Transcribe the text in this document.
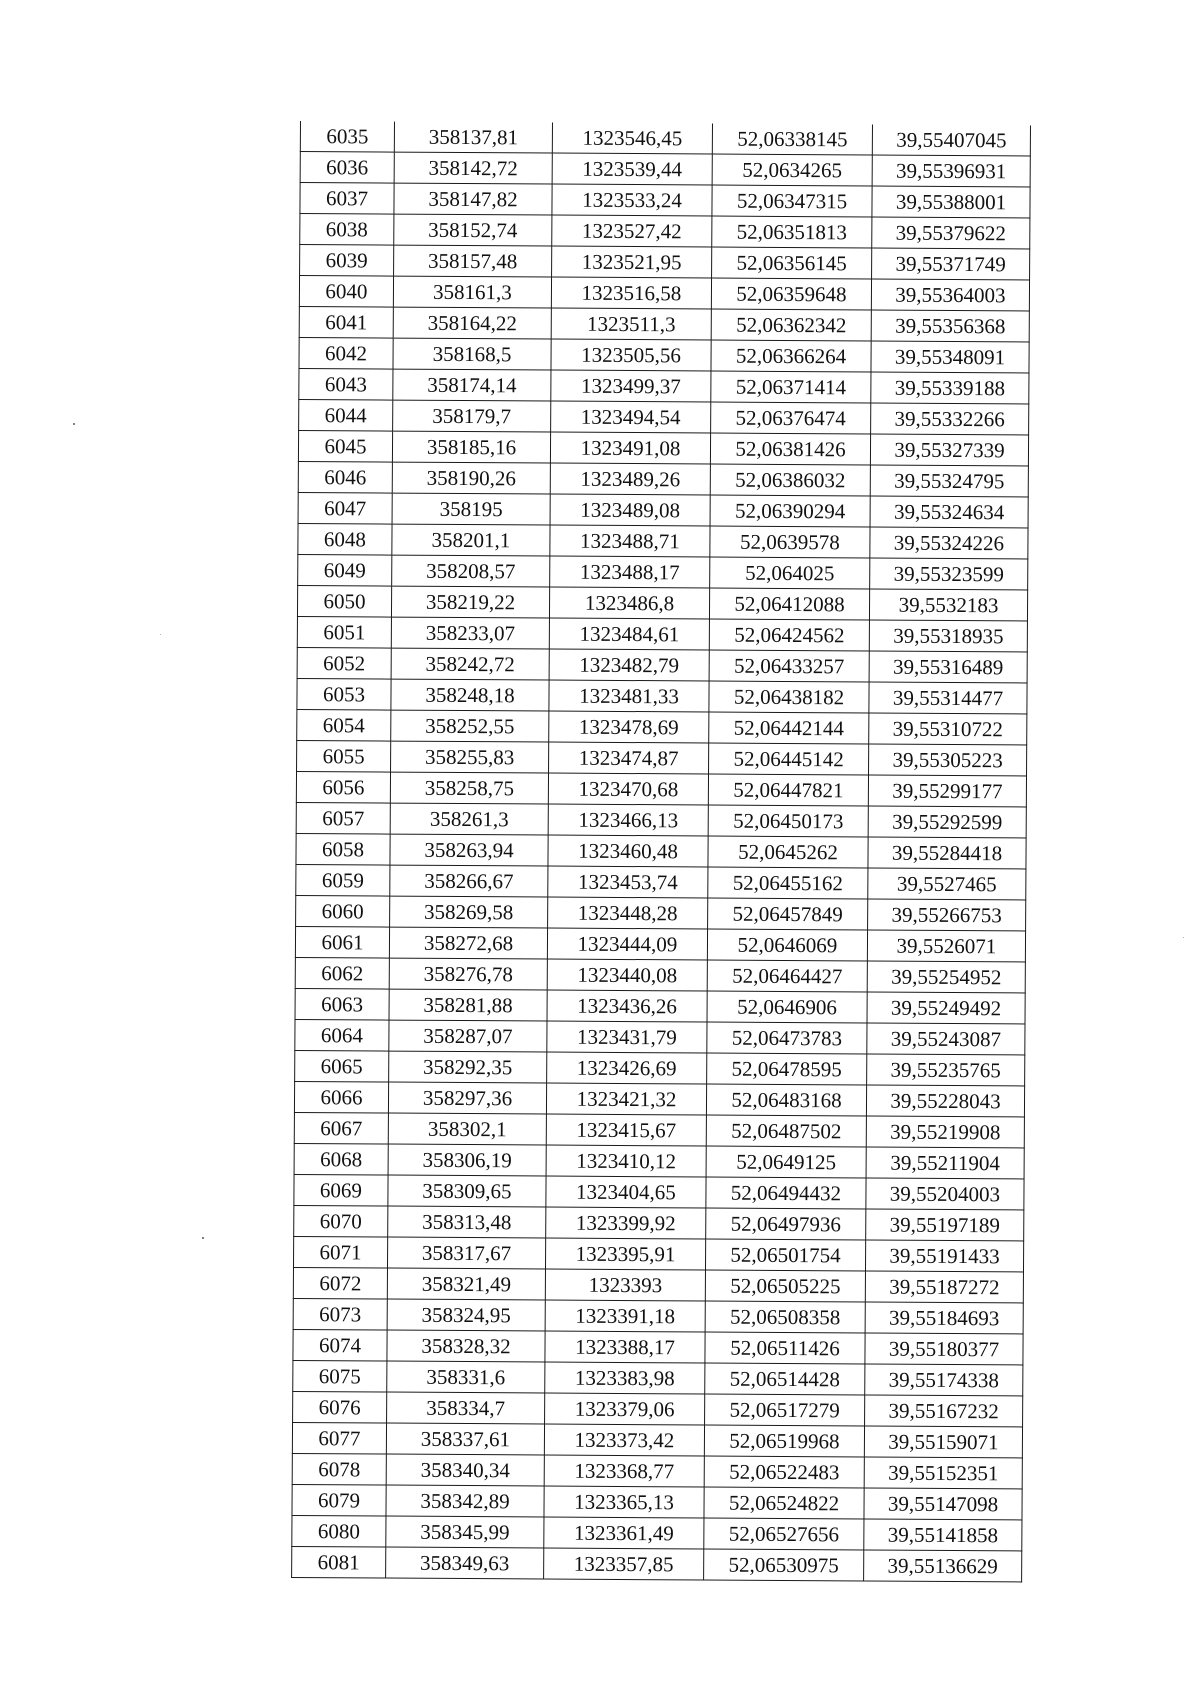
6035	358137,81	1323546,45	52,06338145	39,55407045
6036	358142,72	1323539,44	52,0634265	39,55396931
6037	358147,82	1323533,24	52,06347315	39,55388001
6038	358152,74	1323527,42	52,06351813	39,55379622
6039	358157,48	1323521,95	52,06356145	39,55371749
6040	358161,3	1323516,58	52,06359648	39,55364003
6041	358164,22	1323511,3	52,06362342	39,55356368
6042	358168,5	1323505,56	52,06366264	39,55348091
6043	358174,14	1323499,37	52,06371414	39,55339188
6044	358179,7	1323494,54	52,06376474	39,55332266
6045	358185,16	1323491,08	52,06381426	39,55327339
6046	358190,26	1323489,26	52,06386032	39,55324795
6047	358195	1323489,08	52,06390294	39,55324634
6048	358201,1	1323488,71	52,0639578	39,55324226
6049	358208,57	1323488,17	52,064025	39,55323599
6050	358219,22	1323486,8	52,06412088	39,5532183
6051	358233,07	1323484,61	52,06424562	39,55318935
6052	358242,72	1323482,79	52,06433257	39,55316489
6053	358248,18	1323481,33	52,06438182	39,55314477
6054	358252,55	1323478,69	52,06442144	39,55310722
6055	358255,83	1323474,87	52,06445142	39,55305223
6056	358258,75	1323470,68	52,06447821	39,55299177
6057	358261,3	1323466,13	52,06450173	39,55292599
6058	358263,94	1323460,48	52,0645262	39,55284418
6059	358266,67	1323453,74	52,06455162	39,5527465
6060	358269,58	1323448,28	52,06457849	39,55266753
6061	358272,68	1323444,09	52,0646069	39,5526071
6062	358276,78	1323440,08	52,06464427	39,55254952
6063	358281,88	1323436,26	52,0646906	39,55249492
6064	358287,07	1323431,79	52,06473783	39,55243087
6065	358292,35	1323426,69	52,06478595	39,55235765
6066	358297,36	1323421,32	52,06483168	39,55228043
6067	358302,1	1323415,67	52,06487502	39,55219908
6068	358306,19	1323410,12	52,0649125	39,55211904
6069	358309,65	1323404,65	52,06494432	39,55204003
6070	358313,48	1323399,92	52,06497936	39,55197189
6071	358317,67	1323395,91	52,06501754	39,55191433
6072	358321,49	1323393	52,06505225	39,55187272
6073	358324,95	1323391,18	52,06508358	39,55184693
6074	358328,32	1323388,17	52,06511426	39,55180377
6075	358331,6	1323383,98	52,06514428	39,55174338
6076	358334,7	1323379,06	52,06517279	39,55167232
6077	358337,61	1323373,42	52,06519968	39,55159071
6078	358340,34	1323368,77	52,06522483	39,55152351
6079	358342,89	1323365,13	52,06524822	39,55147098
6080	358345,99	1323361,49	52,06527656	39,55141858
6081	358349,63	1323357,85	52,06530975	39,55136629
